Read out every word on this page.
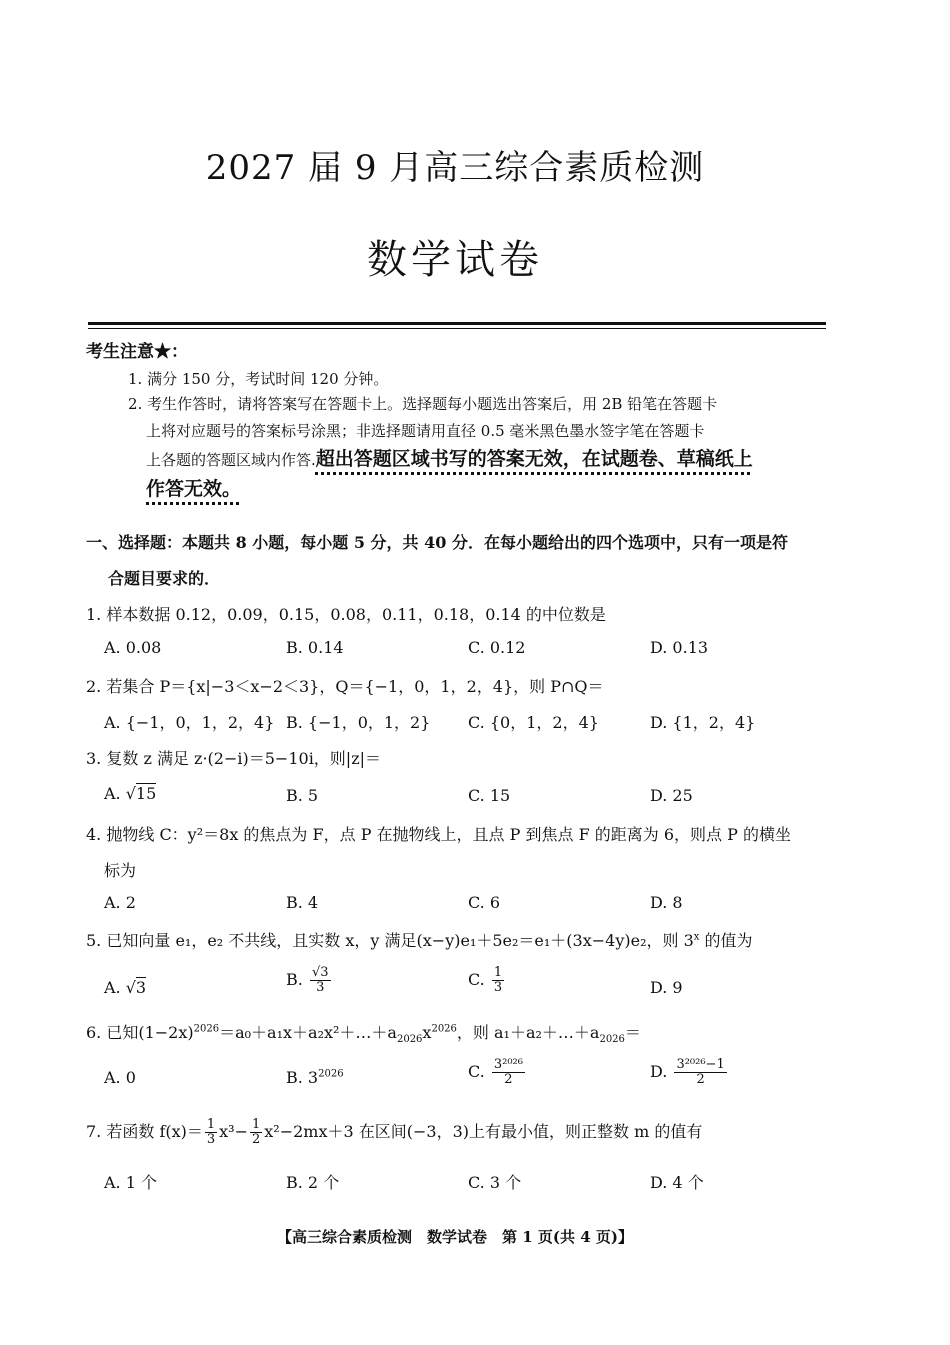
2027 届 9 月高三综合素质检测
数学试卷
考生注意★：
1. 满分 150 分，考试时间 120 分钟。
2. 考生作答时，请将答案写在答题卡上。选择题每小题选出答案后，用 2B 铅笔在答题卡
上将对应题号的答案标号涂黑；非选择题请用直径 0.5 毫米黑色墨水签字笔在答题卡
上各题的答题区域内作答.超出答题区域书写的答案无效，在试题卷、草稿纸上
作答无效。
一、选择题：本题共 8 小题，每小题 5 分，共 40 分．在每小题给出的四个选项中，只有一项是符
合题目要求的．
1. 样本数据 0.12，0.09，0.15，0.08，0.11，0.18，0.14 的中位数是
A. 0.08	B. 0.14	C. 0.12	D. 0.13
2. 若集合 P＝{x|−3＜x−2＜3}，Q＝{−1，0，1，2，4}，则 P∩Q＝
A. {−1，0，1，2，4} B. {−1，0，1，2} C. {0，1，2，4}	D. {1，2，4}
3. 复数 z 满足 z·(2−i)＝5−10i，则|z|＝
A. √15	B. 5	C. 15	D. 25
4. 抛物线 C：y²＝8x 的焦点为 F，点 P 在抛物线上，且点 P 到焦点 F 的距离为 6，则点 P 的横坐
标为
A. 2	B. 4	C. 6	D. 8
5. 已知向量 e₁，e₂ 不共线，且实数 x，y 满足(x−y)e₁＋5e₂＝e₁＋(3x−4y)e₂，则 3$^x$ 的值为
A. √3	B. $\frac{√3}{3}$	C. $\frac{1}{3}$	D. 9
6. 已知$(1-2x)^{2026}=a_0+a_1x+a_2x^2+\dots+a_{2026}x^{2026}$，则 $a_1+a_2+\dots+a_{2026}=$
A. 0	B. $3^{2026}$	C. $\frac{\text{3²⁰²⁶}}{2}$	D. $\frac{\text{3²⁰²⁶−1}}{2}$
7. 若函数 $f(x)= \frac{1}{3} x^3- \frac{1}{2} x^2-2mx+3$ 在区间(−3，3)上有最小值，则正整数 m 的值有
A. 1 个	B. 2 个	C. 3 个	D. 4 个
【高三综合素质检测　数学试卷　第 1 页(共 4 页)】
